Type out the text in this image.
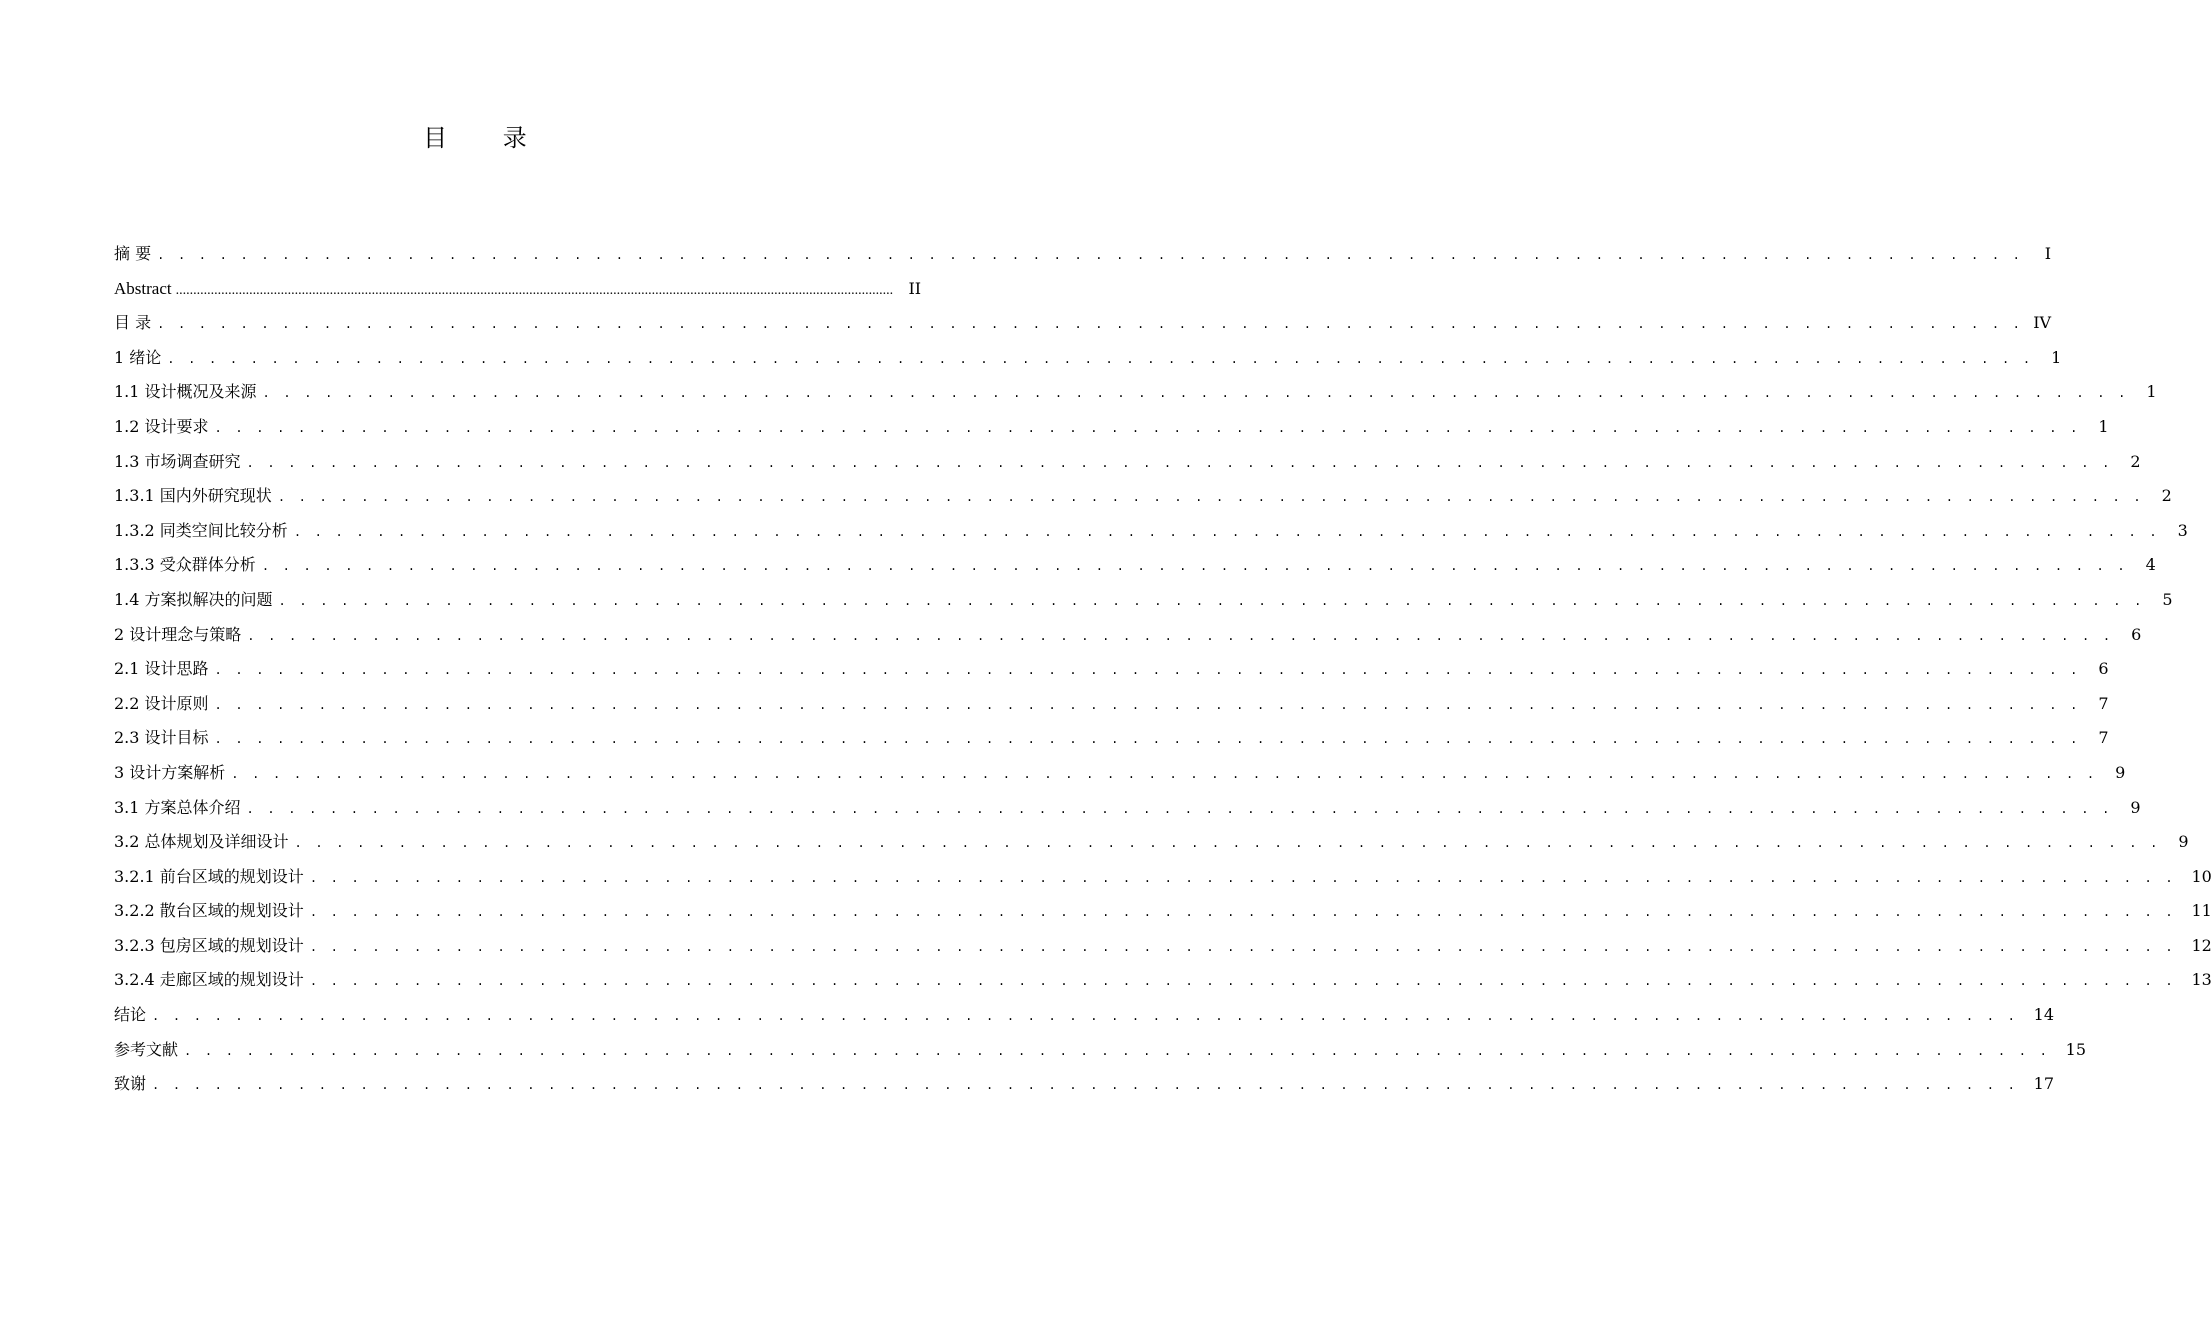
目 录
摘 要 . . . . . . . . . . . . . . . . . . . . . . . . . . . . . . . . . . . . . . . . . . . . . . . . . . . . . . . . . . . . . . . . . . . . . . . . . . . . . . . . . . . . . . . . . .	I
Abstract ............................................................................................................................................................................................................. II
目 录 . . . . . . . . . . . . . . . . . . . . . . . . . . . . . . . . . . . . . . . . . . . . . . . . . . . . . . . . . . . . . . . . . . . . . . . . . . . . . . . . . . . . . . . . . . IV
1 绪论 . . . . . . . . . . . . . . . . . . . . . . . . . . . . . . . . . . . . . . . . . . . . . . . . . . . . . . . . . . . . . . . . . . . . . . . . . . . . . . . . . . . . . . . . . .	1
1.1 设计概况及来源 . . . . . . . . . . . . . . . . . . . . . . . . . . . . . . . . . . . . . . . . . . . . . . . . . . . . . . . . . . . . . . . . . . . . . . . . . . . . . . . . . . . . . . . . . .	1
1.2 设计要求 . . . . . . . . . . . . . . . . . . . . . . . . . . . . . . . . . . . . . . . . . . . . . . . . . . . . . . . . . . . . . . . . . . . . . . . . . . . . . . . . . . . . . . . . . .	1
1.3 市场调查研究 . . . . . . . . . . . . . . . . . . . . . . . . . . . . . . . . . . . . . . . . . . . . . . . . . . . . . . . . . . . . . . . . . . . . . . . . . . . . . . . . . . . . . . . . . .	2
1.3.1 国内外研究现状 . . . . . . . . . . . . . . . . . . . . . . . . . . . . . . . . . . . . . . . . . . . . . . . . . . . . . . . . . . . . . . . . . . . . . . . . . . . . . . . . . . . . . . . . . .	2
1.3.2 同类空间比较分析 . . . . . . . . . . . . . . . . . . . . . . . . . . . . . . . . . . . . . . . . . . . . . . . . . . . . . . . . . . . . . . . . . . . . . . . . . . . . . . . . . . . . . . . . . .	3
1.3.3 受众群体分析 . . . . . . . . . . . . . . . . . . . . . . . . . . . . . . . . . . . . . . . . . . . . . . . . . . . . . . . . . . . . . . . . . . . . . . . . . . . . . . . . . . . . . . . . . .	4
1.4 方案拟解决的问题 . . . . . . . . . . . . . . . . . . . . . . . . . . . . . . . . . . . . . . . . . . . . . . . . . . . . . . . . . . . . . . . . . . . . . . . . . . . . . . . . . . . . . . . . . .	5
2 设计理念与策略 . . . . . . . . . . . . . . . . . . . . . . . . . . . . . . . . . . . . . . . . . . . . . . . . . . . . . . . . . . . . . . . . . . . . . . . . . . . . . . . . . . . . . . . . . .	6
2.1 设计思路 . . . . . . . . . . . . . . . . . . . . . . . . . . . . . . . . . . . . . . . . . . . . . . . . . . . . . . . . . . . . . . . . . . . . . . . . . . . . . . . . . . . . . . . . . .	6
2.2 设计原则 . . . . . . . . . . . . . . . . . . . . . . . . . . . . . . . . . . . . . . . . . . . . . . . . . . . . . . . . . . . . . . . . . . . . . . . . . . . . . . . . . . . . . . . . . .	7
2.3 设计目标 . . . . . . . . . . . . . . . . . . . . . . . . . . . . . . . . . . . . . . . . . . . . . . . . . . . . . . . . . . . . . . . . . . . . . . . . . . . . . . . . . . . . . . . . . .	7
3 设计方案解析 . . . . . . . . . . . . . . . . . . . . . . . . . . . . . . . . . . . . . . . . . . . . . . . . . . . . . . . . . . . . . . . . . . . . . . . . . . . . . . . . . . . . . . . . . .	9
3.1 方案总体介绍 . . . . . . . . . . . . . . . . . . . . . . . . . . . . . . . . . . . . . . . . . . . . . . . . . . . . . . . . . . . . . . . . . . . . . . . . . . . . . . . . . . . . . . . . . .	9
3.2 总体规划及详细设计 . . . . . . . . . . . . . . . . . . . . . . . . . . . . . . . . . . . . . . . . . . . . . . . . . . . . . . . . . . . . . . . . . . . . . . . . . . . . . . . . . . . . . . . . . .	9
3.2.1 前台区域的规划设计 . . . . . . . . . . . . . . . . . . . . . . . . . . . . . . . . . . . . . . . . . . . . . . . . . . . . . . . . . . . . . . . . . . . . . . . . . . . . . . . . . . . . . . . . . . 10
3.2.2 散台区域的规划设计 . . . . . . . . . . . . . . . . . . . . . . . . . . . . . . . . . . . . . . . . . . . . . . . . . . . . . . . . . . . . . . . . . . . . . . . . . . . . . . . . . . . . . . . . . . 11
3.2.3 包房区域的规划设计 . . . . . . . . . . . . . . . . . . . . . . . . . . . . . . . . . . . . . . . . . . . . . . . . . . . . . . . . . . . . . . . . . . . . . . . . . . . . . . . . . . . . . . . . . . 12
3.2.4 走廊区域的规划设计 . . . . . . . . . . . . . . . . . . . . . . . . . . . . . . . . . . . . . . . . . . . . . . . . . . . . . . . . . . . . . . . . . . . . . . . . . . . . . . . . . . . . . . . . . . 13
结论 . . . . . . . . . . . . . . . . . . . . . . . . . . . . . . . . . . . . . . . . . . . . . . . . . . . . . . . . . . . . . . . . . . . . . . . . . . . . . . . . . . . . . . . . . . 14
参考文献 . . . . . . . . . . . . . . . . . . . . . . . . . . . . . . . . . . . . . . . . . . . . . . . . . . . . . . . . . . . . . . . . . . . . . . . . . . . . . . . . . . . . . . . . . . 15
致谢 . . . . . . . . . . . . . . . . . . . . . . . . . . . . . . . . . . . . . . . . . . . . . . . . . . . . . . . . . . . . . . . . . . . . . . . . . . . . . . . . . . . . . . . . . . 17
